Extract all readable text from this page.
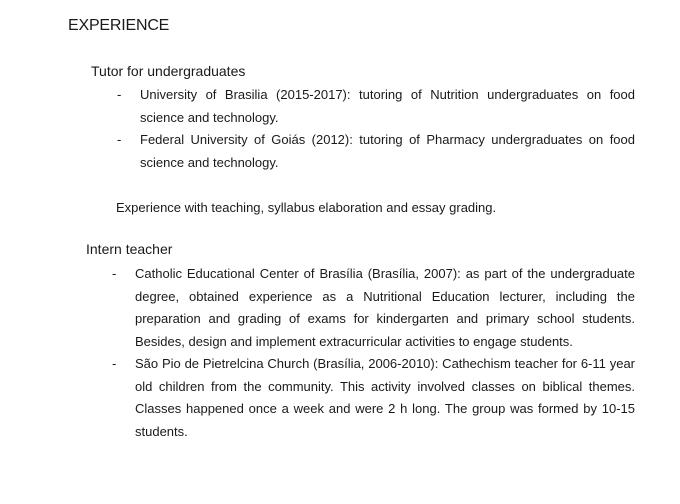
EXPERIENCE
Tutor for undergraduates
- University of Brasilia (2015-2017): tutoring of Nutrition undergraduates on food science and technology.
- Federal University of Goiás (2012): tutoring of Pharmacy undergraduates on food science and technology.

Experience with teaching, syllabus elaboration and essay grading.

Intern teacher
- Catholic Educational Center of Brasília (Brasília, 2007): as part of the undergraduate degree, obtained experience as a Nutritional Education lecturer, including the preparation and grading of exams for kindergarten and primary school students. Besides, design and implement extracurricular activities to engage students.
- São Pio de Pietrelcina Church (Brasília, 2006-2010): Cathechism teacher for 6-11 year old children from the community. This activity involved classes on biblical themes. Classes happened once a week and were 2 h long. The group was formed by 10-15 students.
